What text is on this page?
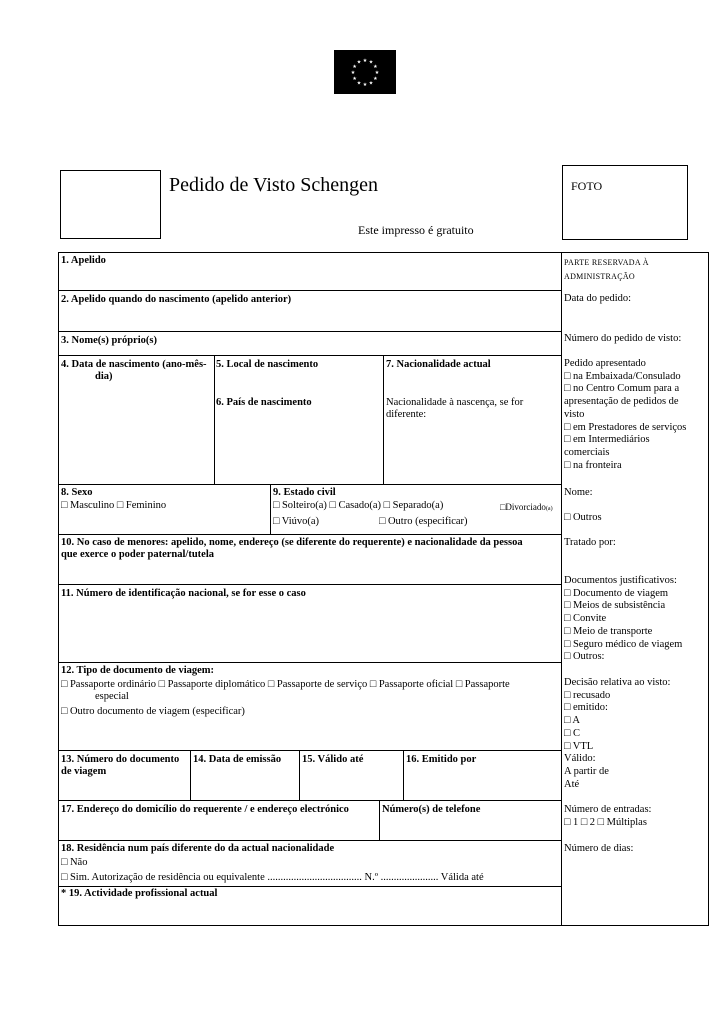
★ ★
★
★
★
★
★
★
★
★
★
★
Pedido de Visto Schengen	FOTO
Este impresso é gratuito
1. Apelido
2. Apelido quando do nascimento (apelido anterior)
3. Nome(s) próprio(s)
4. Data de nascimento (ano-mês-
dia)
5. Local de nascimento
6. País de nascimento
7. Nacionalidade actual
Nacionalidade à nascença, se for
diferente:
8. Sexo
□ Masculino □ Feminino
9. Estado civil
□ Solteiro(a) □ Casado(a) □ Separado(a)	□Divorciado(a)
□ Viúvo(a)	□ Outro (especificar)
10. No caso de menores: apelido, nome, endereço (se diferente do requerente) e nacionalidade da pessoa
que exerce o poder paternal/tutela
11. Número de identificação nacional, se for esse o caso
12. Tipo de documento de viagem:
□ Passaporte ordinário □ Passaporte diplomático □ Passaporte de serviço □ Passaporte oficial □ Passaporte
especial
□ Outro documento de viagem (especificar)
13. Número do documento
de viagem
14. Data de emissão 15. Válido até	16. Emitido por
17. Endereço do domicílio do requerente / e endereço electrónico	Número(s) de telefone
18. Residência num país diferente do da actual nacionalidade
□ Não
□ Sim. Autorização de residência ou equivalente .................................... N.º ...................... Válida até
* 19. Actividade profissional actual
PARTE RESERVADA À
ADMINISTRAÇÃO
Data do pedido:
Número do pedido de visto:
Pedido apresentado
□ na Embaixada/Consulado
□ no Centro Comum para a
apresentação de pedidos de
visto
□ em Prestadores de serviços
□ em Intermediários
comerciais
□ na fronteira
Nome:
□ Outros
Tratado por:
Documentos justificativos:
□ Documento de viagem
□ Meios de subsistência
□ Convite
□ Meio de transporte
□ Seguro médico de viagem
□ Outros:
Decisão relativa ao visto:
□ recusado
□ emitido:
□ A
□ C
□ VTL
Válido:
A partir de
Até
Número de entradas:
□ 1 □ 2 □ Múltiplas
Número de dias:
